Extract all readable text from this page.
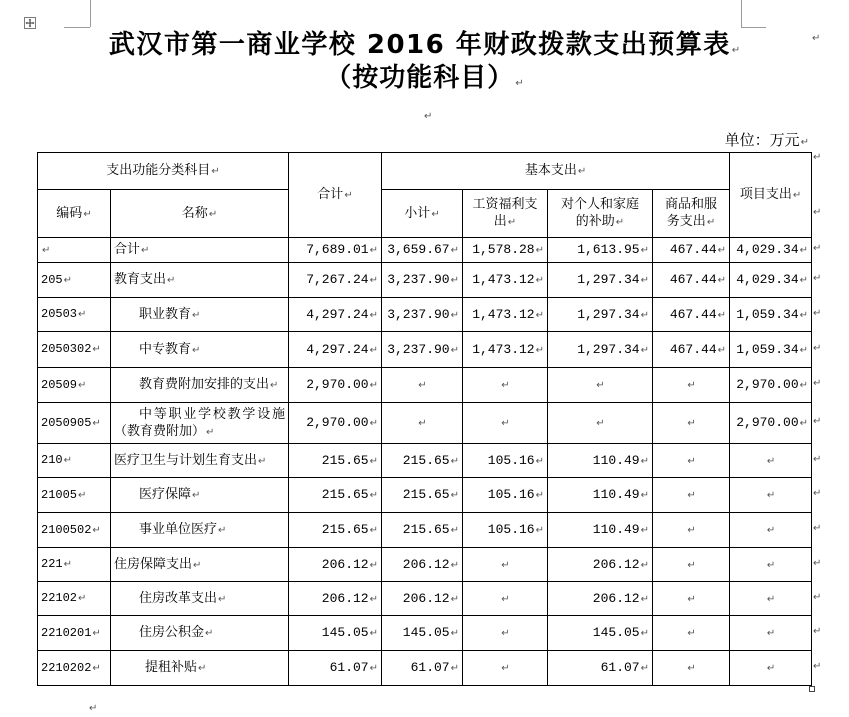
武汉市第一商业学校 2016 年财政拨款支出预算表 ↵
（按功能科目） ↵
↵
↵
单位：万元 ↵
支出功能分类科目 ↵		合计 ↵	基本支出 ↵				项目支出 ↵
编码 ↵	名称 ↵		小计 ↵	工资福利支出 ↵	对个人和家庭的补助 ↵	商品和服务支出 ↵
↵	合计 ↵	7,689.01 ↵	3,659.67 ↵	1,578.28 ↵	1,613.95 ↵	467.44 ↵	4,029.34 ↵
205 ↵	教育支出 ↵	7,267.24 ↵	3,237.90 ↵	1,473.12 ↵	1,297.34 ↵	467.44 ↵	4,029.34 ↵
20503 ↵	职业教育 ↵	4,297.24 ↵	3,237.90 ↵	1,473.12 ↵	1,297.34 ↵	467.44 ↵	1,059.34 ↵
2050302 ↵	中专教育 ↵	4,297.24 ↵	3,237.90 ↵	1,473.12 ↵	1,297.34 ↵	467.44 ↵	1,059.34 ↵
20509 ↵	教育费附加安排的支出 ↵	2,970.00 ↵	↵	↵	↵	↵	2,970.00 ↵
2050905 ↵	中等职业学校教学设施（教育费附加） ↵	2,970.00 ↵	↵	↵	↵	↵	2,970.00 ↵
210 ↵	医疗卫生与计划生育支出 ↵	215.65 ↵	215.65 ↵	105.16 ↵	110.49 ↵	↵	↵
21005 ↵	医疗保障 ↵	215.65 ↵	215.65 ↵	105.16 ↵	110.49 ↵	↵	↵
2100502 ↵	事业单位医疗 ↵	215.65 ↵	215.65 ↵	105.16 ↵	110.49 ↵	↵	↵
221 ↵	住房保障支出 ↵	206.12 ↵	206.12 ↵	↵	206.12 ↵	↵	↵
22102 ↵	住房改革支出 ↵	206.12 ↵	206.12 ↵	↵	206.12 ↵	↵	↵
2210201 ↵	住房公积金 ↵	145.05 ↵	145.05 ↵	↵	145.05 ↵	↵	↵
2210202 ↵	提租补贴 ↵	61.07 ↵	61.07 ↵	↵	61.07 ↵	↵	↵
↵
↵
↵
↵
↵
↵
↵
↵
↵
↵
↵
↵
↵
↵
↵
↵
